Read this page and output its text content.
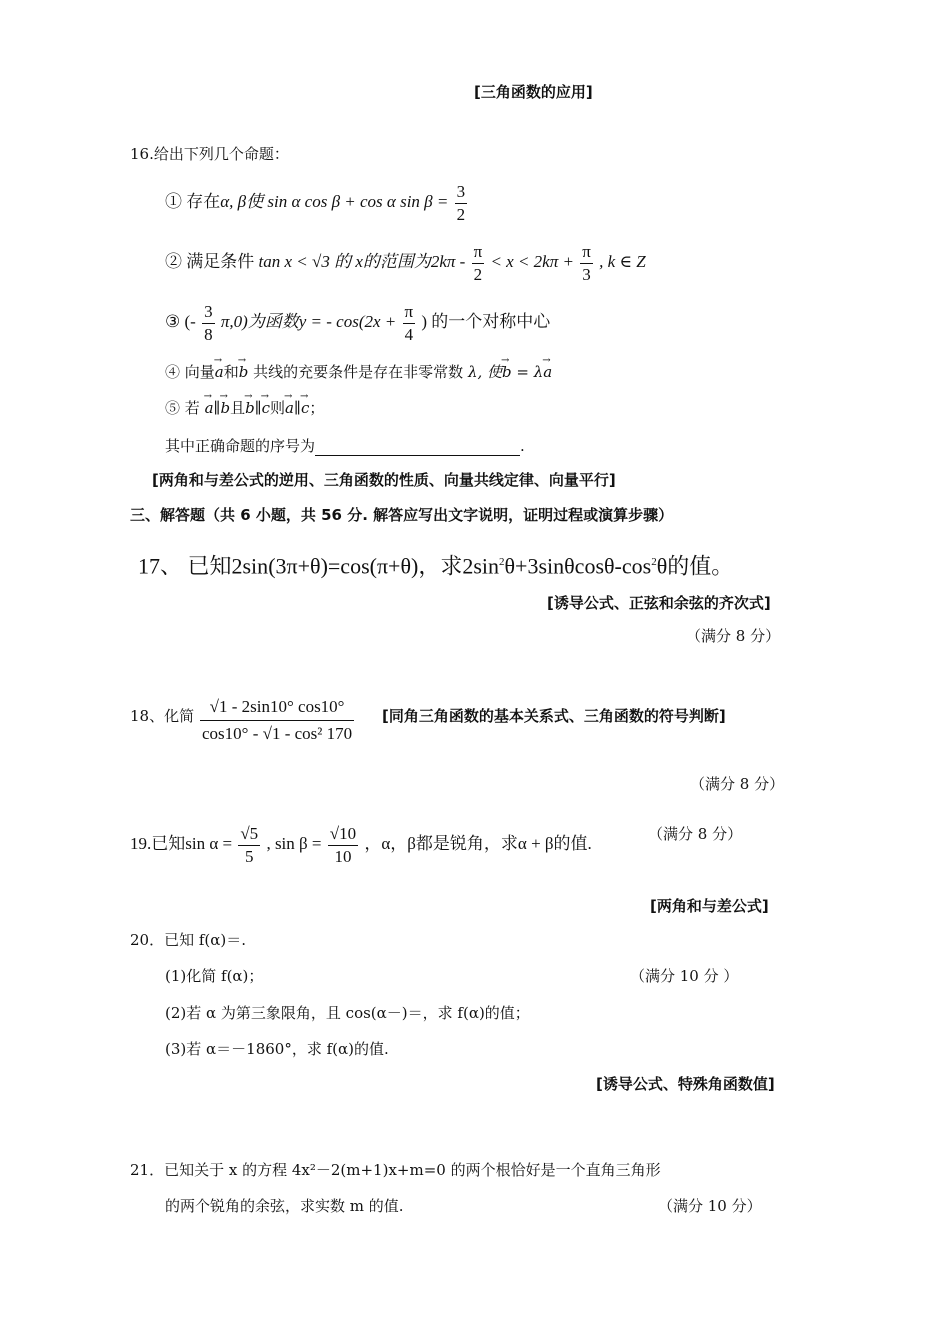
[三角函数的应用]
16.给出下列几个命题：
① 存在α, β使 sin α cos β + cos α $\sin \beta = \frac{3}{2}$
② 满足条件 tan x < √3 的 x的范围为$2k\pi - \frac{\pi}{2} < x < 2k\pi + \frac{\pi}{3}$ , k ∈ Z
③ (- $\frac{3}{8} \pi,0$)为函数y = - $\cos(2x + \frac{\pi}{4}$ ) 的一个对称中心
④ 向量→ a和→ b 共线的充要条件是存在非零常数 λ, 使→ b = λ→ a
⑤ 若 → a∥→ b且→ b∥→ c则→ a∥→ c；
其中正确命题的序号为	.
[两角和与差公式的逆用、三角函数的性质、向量共线定律、向量平行]
三、解答题（共 6 小题，共 56 分. 解答应写出文字说明，证明过程或演算步骤）
17、 已知2sin(3π+θ)=cos(π+θ)，求$2\sin^2\theta+3\sin\theta\cos\theta-\cos^2\theta$的值。
[诱导公式、正弦和余弦的齐次式]
（满分 8 分）
18、化简 $\frac{√1 - 2\sin 10^\circ \cos 10^\circ}{\text{cos10° - √1 - cos² 170}}$ [同角三角函数的基本关系式、三角函数的符号判断]
（满分 8 分）
19.已知$\sin \alpha = \frac{√5}{5}$ , $\sin \beta = \frac{√10}{10}$ ，α，β都是锐角，求α + β的值.	（满分 8 分）
[两角和与差公式]
20．已知 f(α)＝.
(1)化简 f(α)；	（满分 10 分 ）
(2)若 α 为第三象限角，且 cos(α－)＝，求 f(α)的值；
(3)若 α＝－1860°，求 f(α)的值.
[诱导公式、特殊角函数值]
21．已知关于 x 的方程 4x²－2(m+1)x+m=0 的两个根恰好是一个直角三角形
的两个锐角的余弦，求实数 m 的值.	（满分 10 分）
